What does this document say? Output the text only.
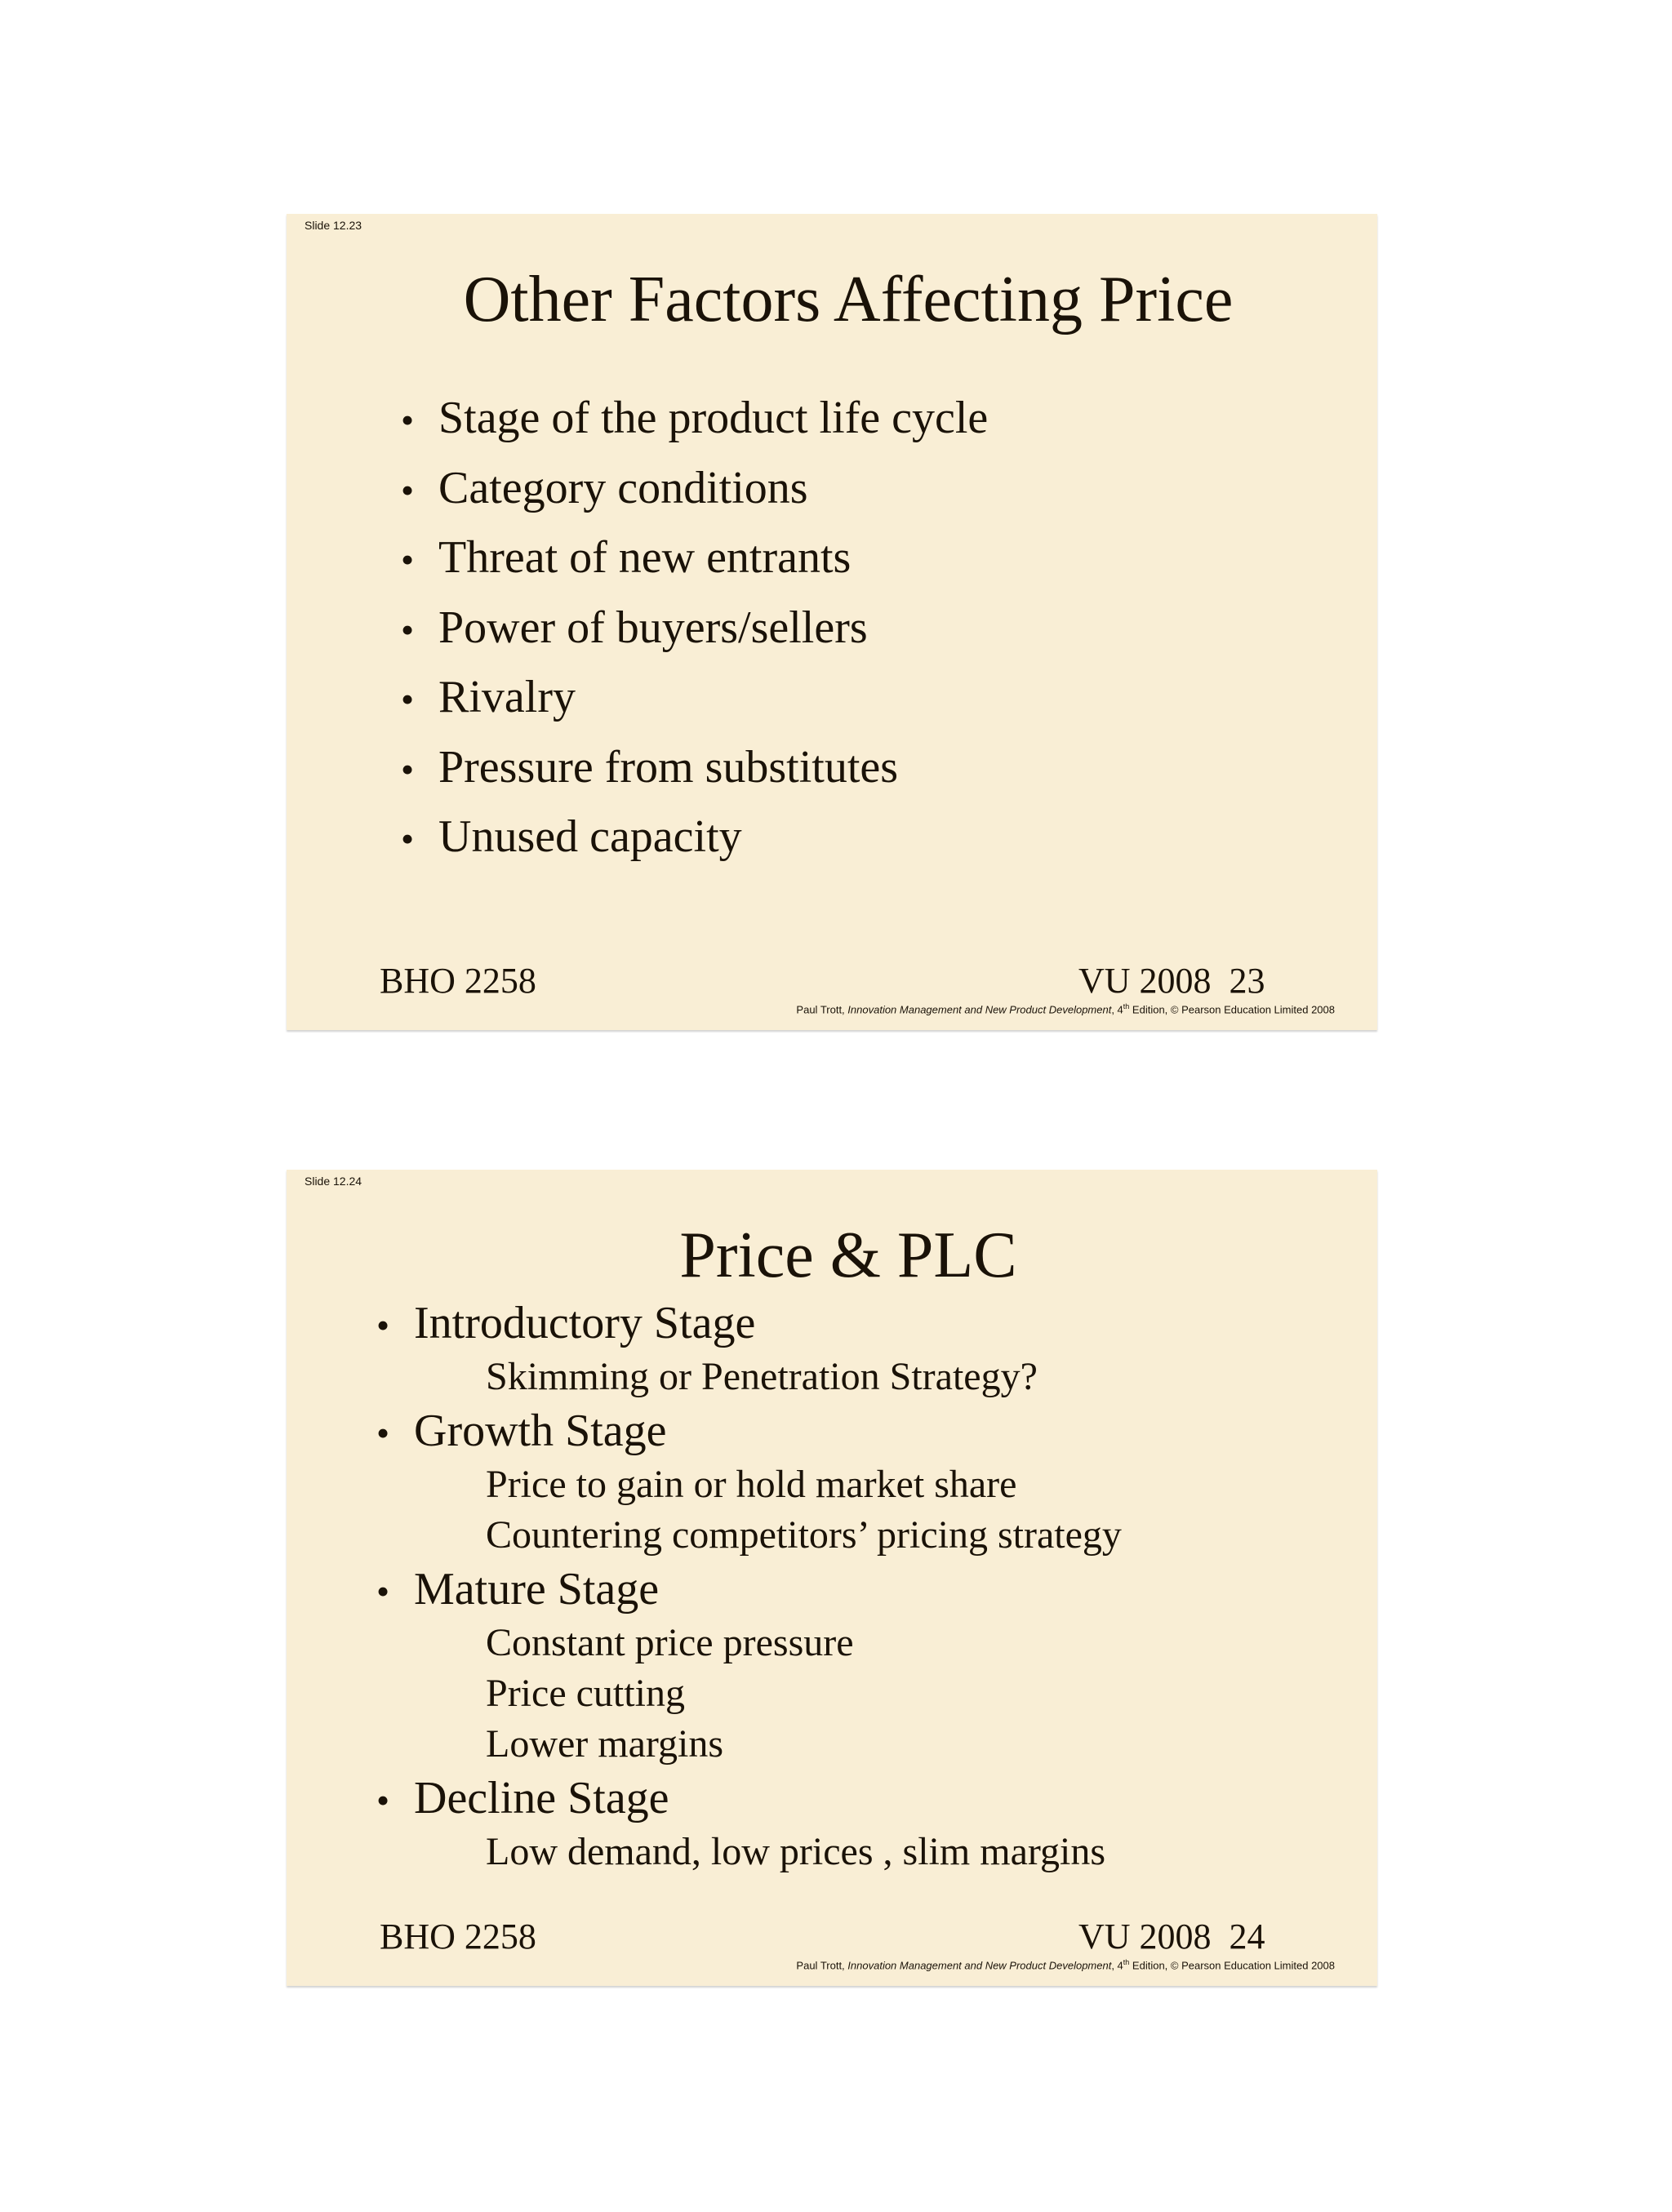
Slide 12.23
Other Factors Affecting Price
• Stage of the product life cycle
• Category conditions
• Threat of new entrants
• Power of buyers/sellers
• Rivalry
• Pressure from substitutes
• Unused capacity
BHO 2258	VU 2008  23
Paul Trott, Innovation Management and New Product Development, 4th Edition, © Pearson Education Limited 2008
Slide 12.24
Price & PLC
• Introductory Stage
Skimming or Penetration Strategy?
• Growth Stage
Price to gain or hold market share
Countering competitors’ pricing strategy
• Mature Stage
Constant price pressure
Price cutting
Lower margins
• Decline Stage
Low demand, low prices , slim margins
BHO 2258	VU 2008  24
Paul Trott, Innovation Management and New Product Development, 4th Edition, © Pearson Education Limited 2008
